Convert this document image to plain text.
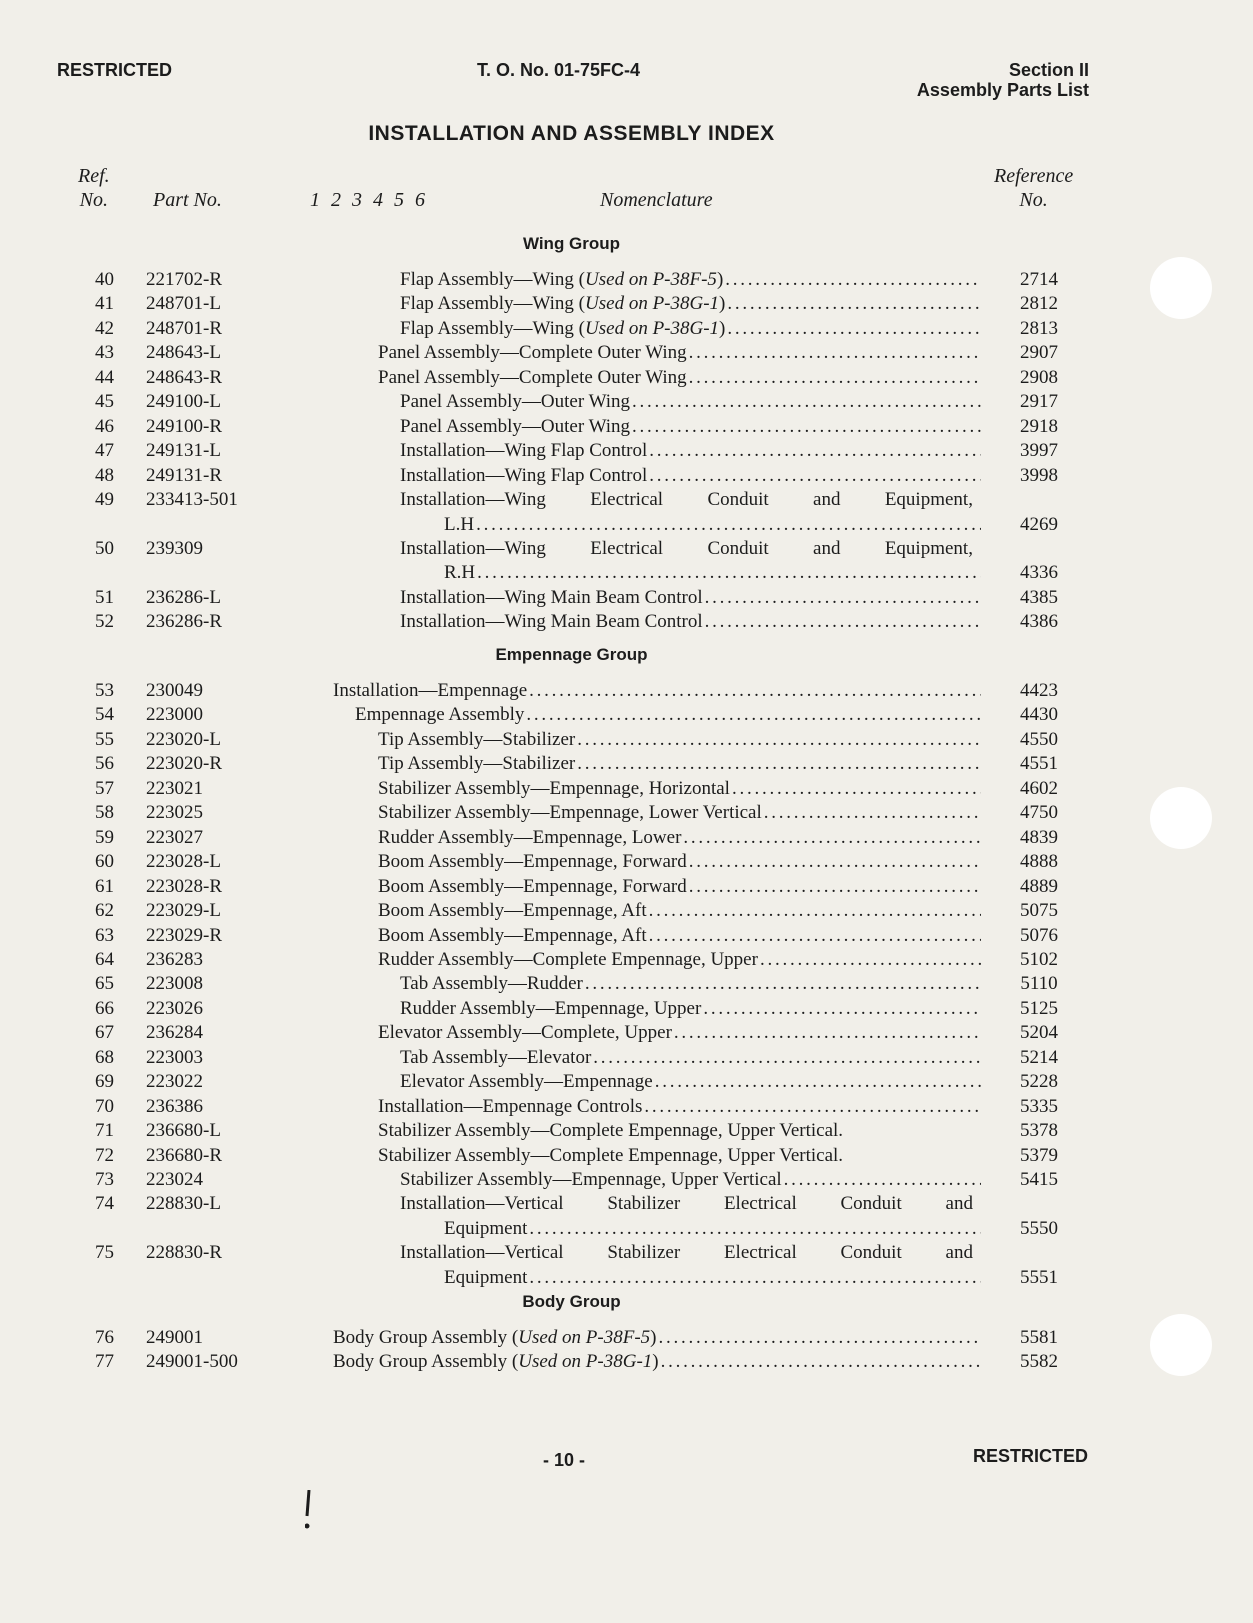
RESTRICTED	T. O. No. 01-75FC-4	Section II
Assembly Parts List
INSTALLATION AND ASSEMBLY INDEX
Ref.
No. Part No.	1 2 3 4 5 6	Nomenclature
Reference
No.
Wing Group
40 221702-R	Flap Assembly—Wing (Used on P-38F-5) . . .	2714
41 248701-L	Flap Assembly—Wing (Used on P-38G-1) . . .	2812
42 248701-R	Flap Assembly—Wing (Used on P-38G-1) . . .	2813
43 248643-L	Panel Assembly—Complete Outer Wing . . .	2907
44 248643-R	Panel Assembly—Complete Outer Wing . . .	2908
45 249100-L	Panel Assembly—Outer Wing . . .	2917
46 249100-R	Panel Assembly—Outer Wing . . .	2918
47 249131-L	Installation—Wing Flap Control . . .	3997
48 249131-R	Installation—Wing Flap Control . . .	3998
49 233413-501	Installation—Wing Electrical Conduit and Equipment,
L.H . . .	4269
50 239309	Installation—Wing Electrical Conduit and Equipment,
R.H . . .	4336
51 236286-L	Installation—Wing Main Beam Control . . .	4385
52 236286-R	Installation—Wing Main Beam Control . . .	4386
Empennage Group
53 230049	Installation—Empennage . . .	4423
54 223000	Empennage Assembly . . .	4430
55 223020-L	Tip Assembly—Stabilizer . . .	4550
56 223020-R	Tip Assembly—Stabilizer . . .	4551
57 223021	Stabilizer Assembly—Empennage, Horizontal . . .	4602
58 223025	Stabilizer Assembly—Empennage, Lower Vertical . . .	4750
59 223027	Rudder Assembly—Empennage, Lower . . .	4839
60 223028-L	Boom Assembly—Empennage, Forward . . .	4888
61 223028-R	Boom Assembly—Empennage, Forward . . .	4889
62 223029-L	Boom Assembly—Empennage, Aft . . .	5075
63 223029-R	Boom Assembly—Empennage, Aft . . .	5076
64 236283	Rudder Assembly—Complete Empennage, Upper . . .	5102
65 223008	Tab Assembly—Rudder . . .	5110
66 223026	Rudder Assembly—Empennage, Upper . . .	5125
67 236284	Elevator Assembly—Complete, Upper . . .	5204
68 223003	Tab Assembly—Elevator . . .	5214
69 223022	Elevator Assembly—Empennage . . .	5228
70 236386	Installation—Empennage Controls . . .	5335
71 236680-L	Stabilizer Assembly—Complete Empennage, Upper Vertical.	5378
72 236680-R	Stabilizer Assembly—Complete Empennage, Upper Vertical.	5379
73 223024	Stabilizer Assembly—Empennage, Upper Vertical . . .	5415
74 228830-L	Installation—Vertical Stabilizer Electrical Conduit and
Equipment . . .	5550
75 228830-R	Installation—Vertical Stabilizer Electrical Conduit and
Equipment . . .	5551
Body Group
76 249001	Body Group Assembly (Used on P-38F-5) . . .	5581
77 249001-500	Body Group Assembly (Used on P-38G-1) . . .	5582
- 10 -	RESTRICTED
